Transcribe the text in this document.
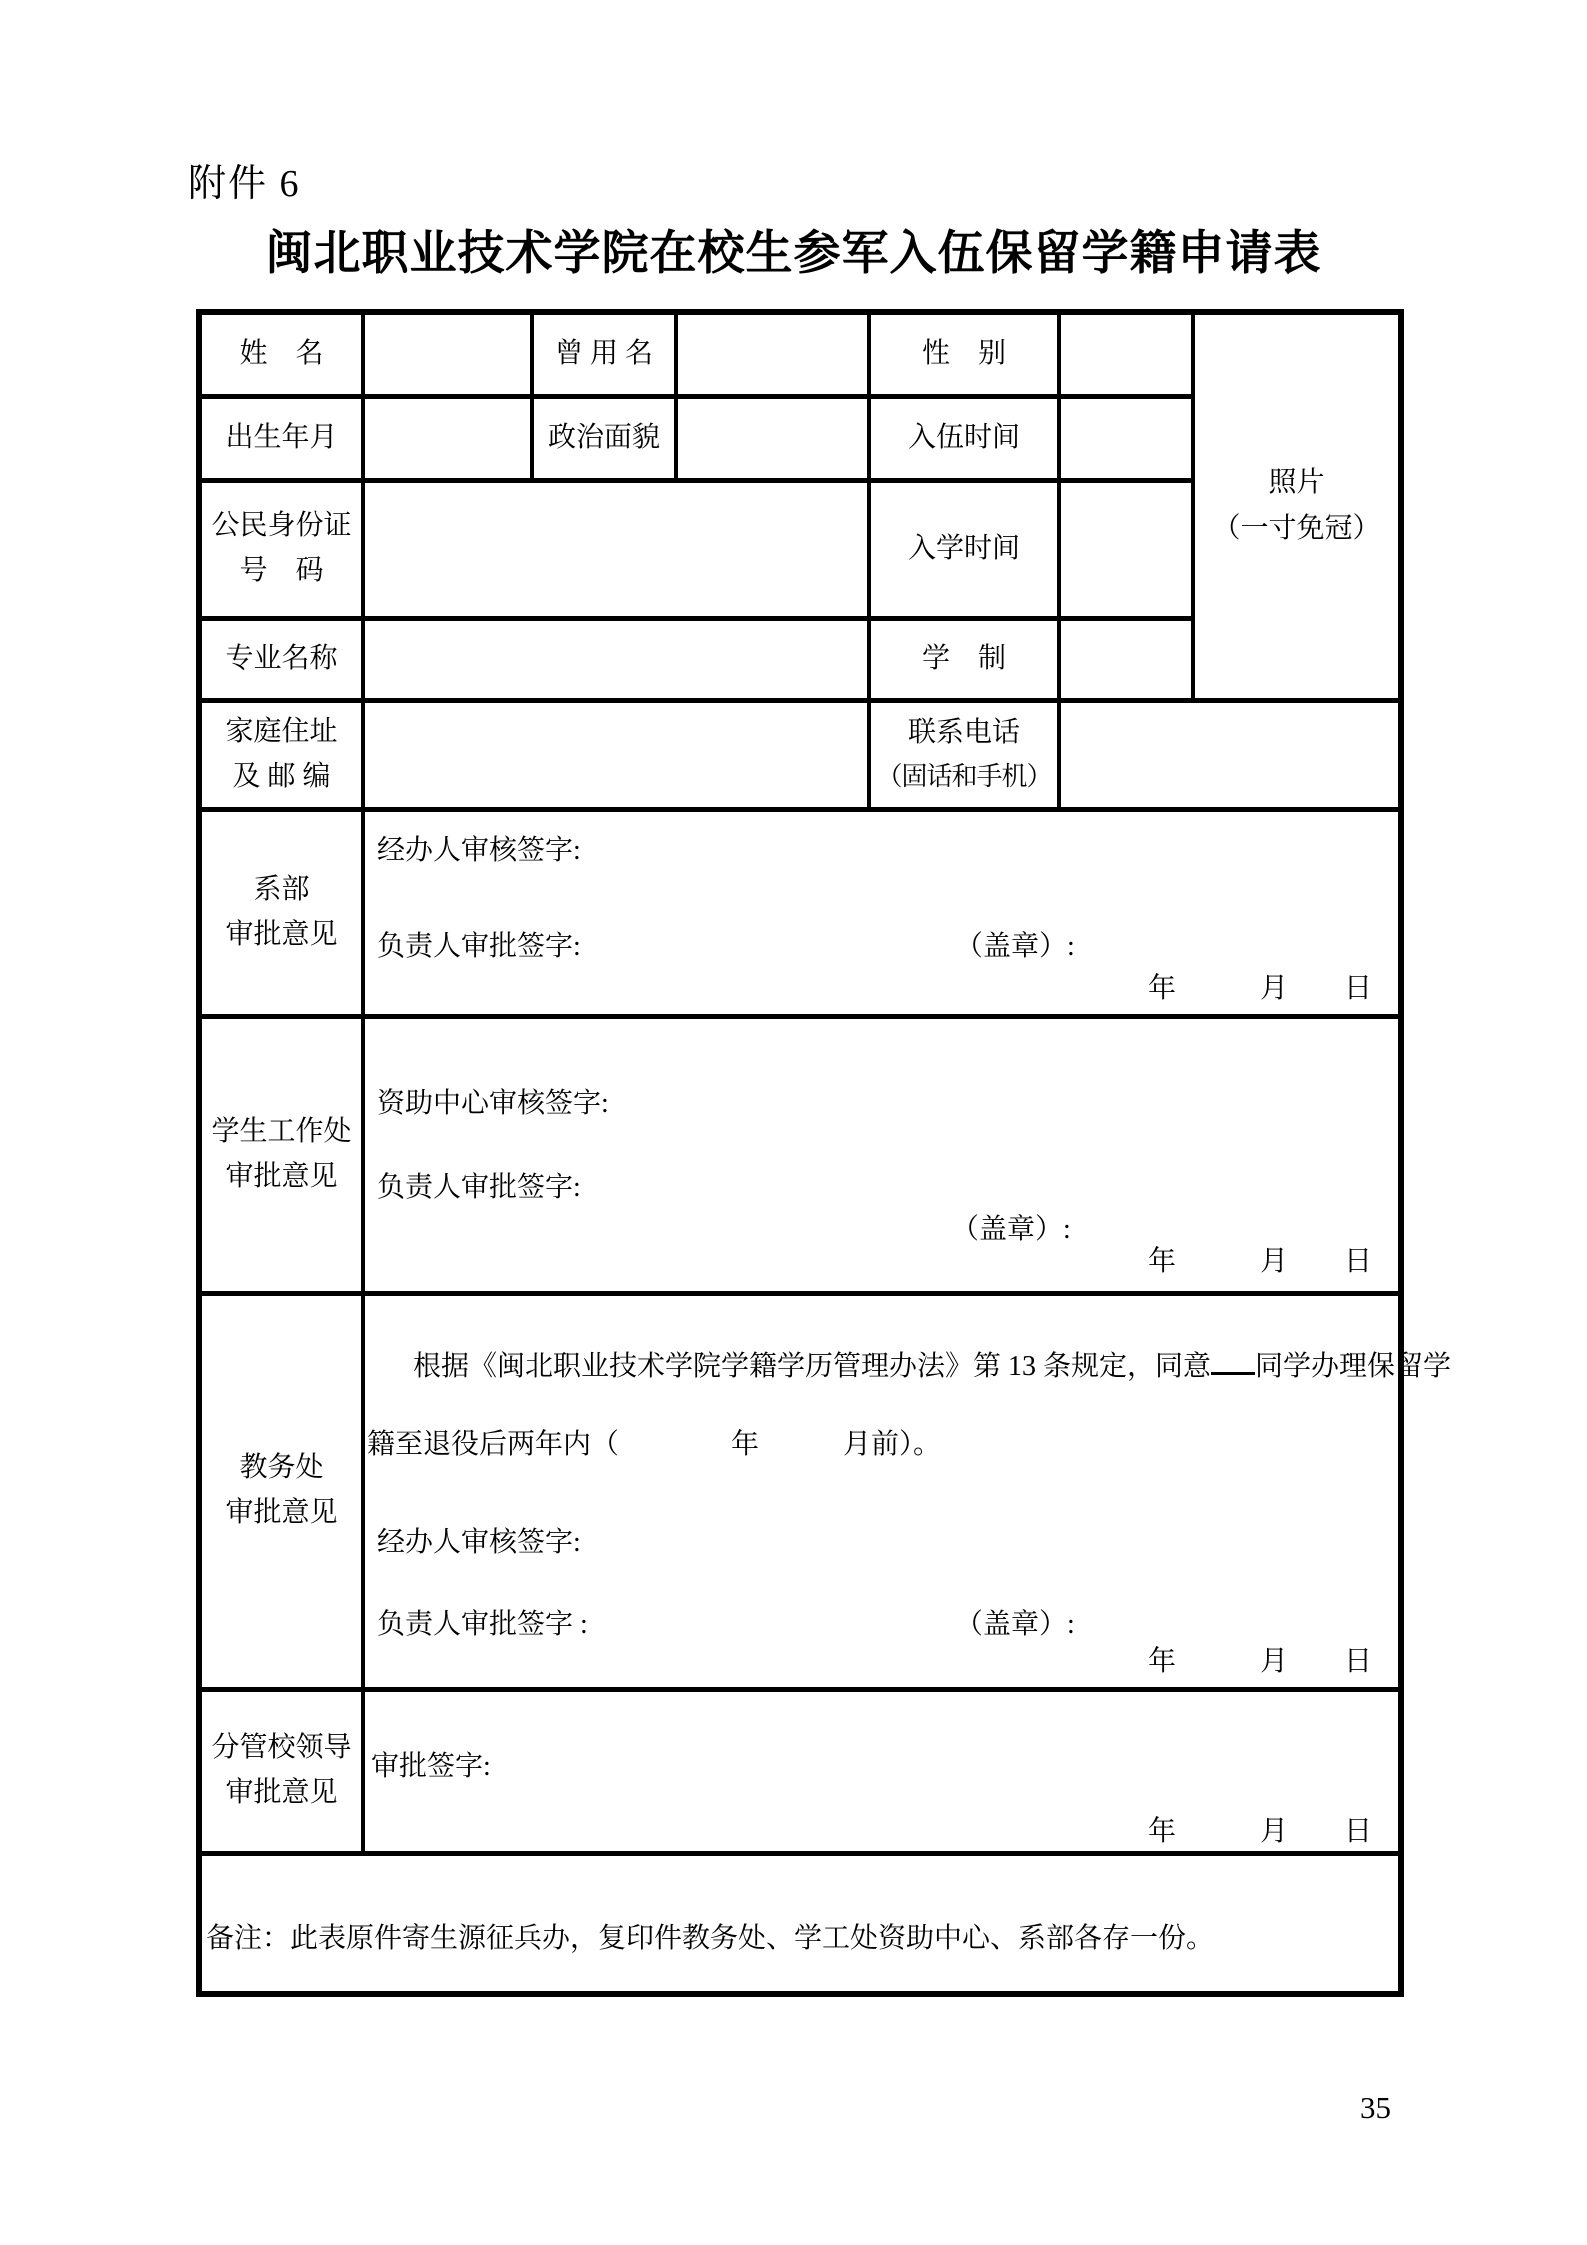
附件 6
闽北职业技术学院在校生参军入伍保留学籍申请表
姓　名		曾 用 名		性　别		照片
（一寸免冠）
出生年月		政治面貌		入伍时间		
公民身份证
号　码				入学时间		
专业名称				学　制		
家庭住址
及 邮 编				联系电话
（固话和手机）		

系部
审批意见

经办人审核签字:
负责人审批签字:	（盖章）:
年　　　月　　日

学生工作处
审批意见

资助中心审核签字:
负责人审批签字:
（盖章）:
年　　　月　　日

教务处
审批意见

根据《闽北职业技术学院学籍学历管理办法》第 13 条规定，同意 同学办理保留学
籍至退役后两年内（　　　　年　　　月前）。
经办人审核签字:
负责人审批签字 :	（盖章）:
年　　　月　　日

分管校领导
审批意见

审批签字:
年　　　月　　日

备注：此表原件寄生源征兵办，复印件教务处、学工处资助中心、系部各存一份。						
35
